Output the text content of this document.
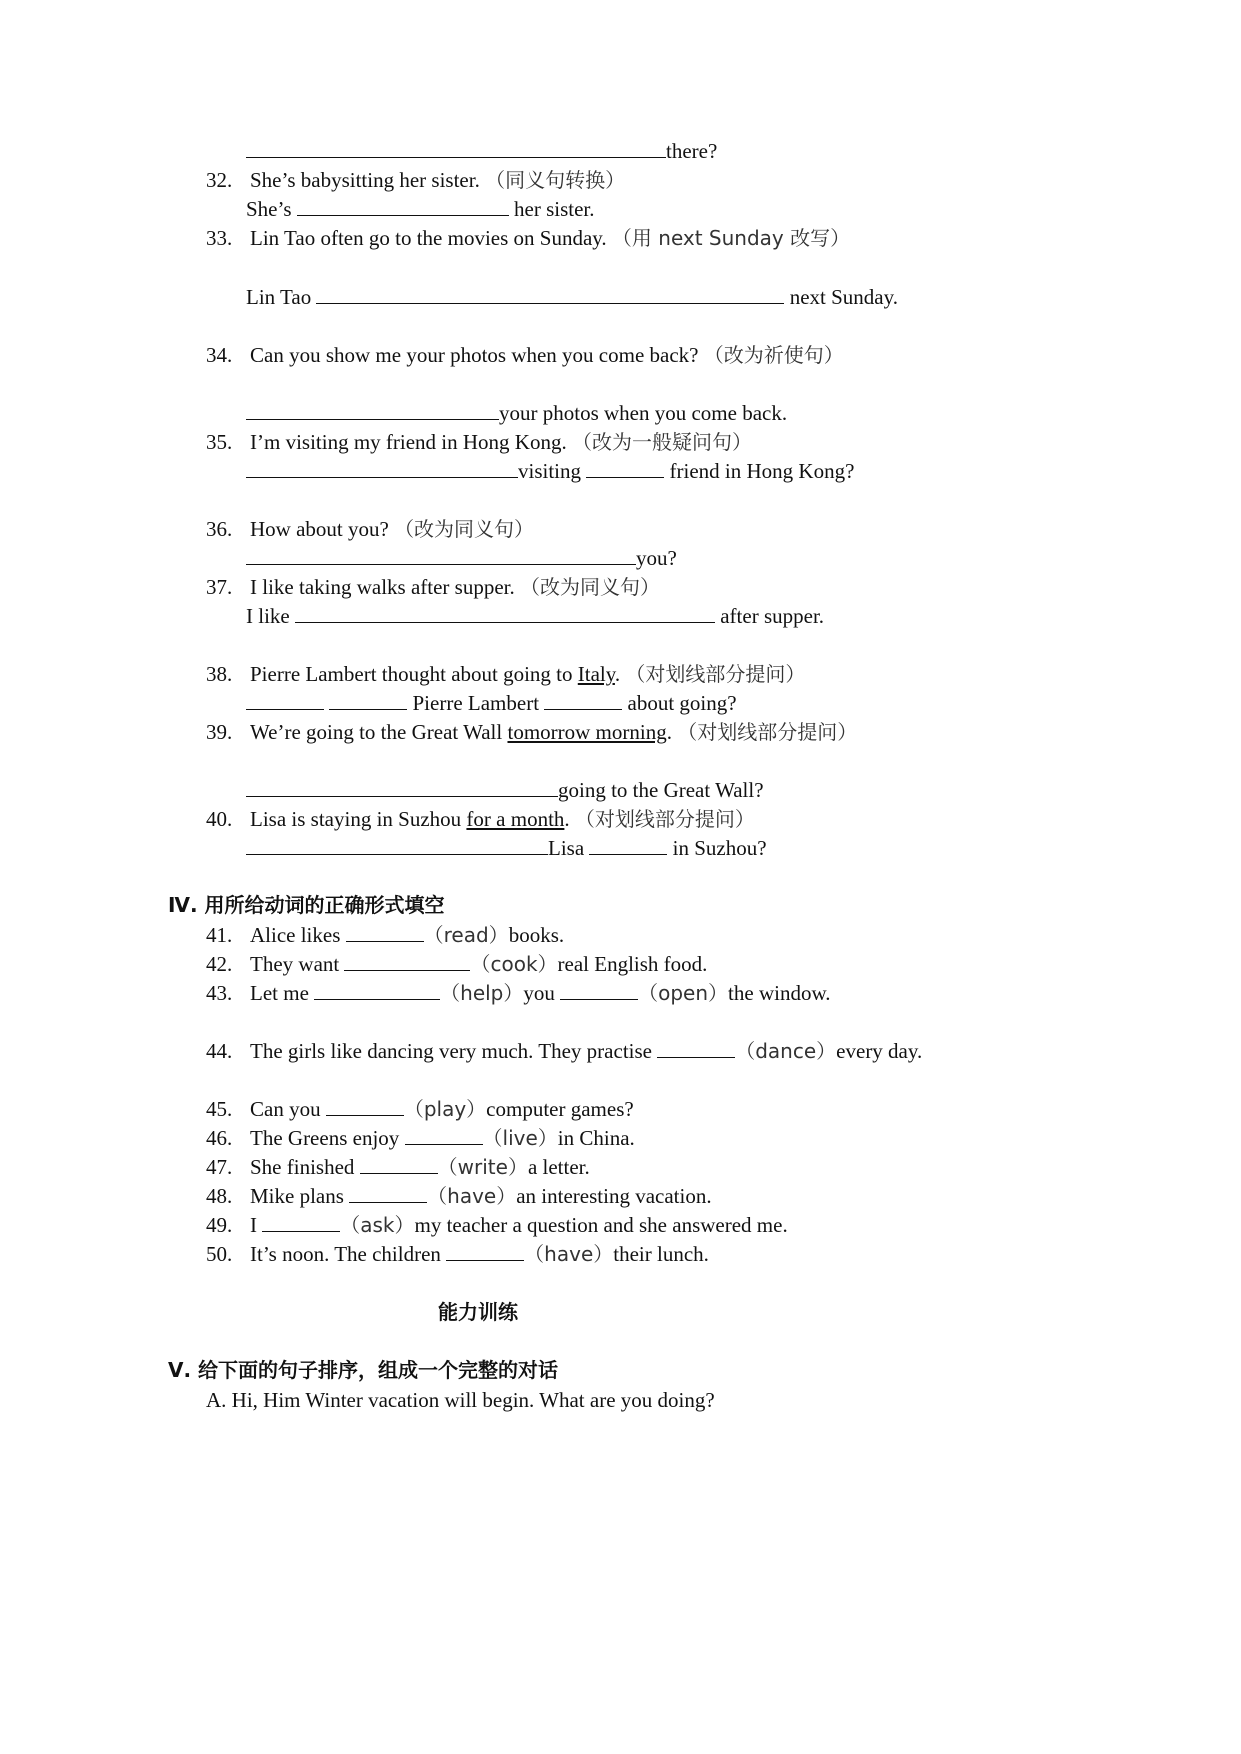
there?
32. She’s babysitting her sister. （同义句转换）
She’s	her sister.
33. Lin Tao often go to the movies on Sunday. （用 next Sunday 改写）
Lin Tao	next Sunday.
34. Can you show me your photos when you come back? （改为祈使句）
your photos when you come back.
35. I’m visiting my friend in Hong Kong. （改为一般疑问句）
visiting	friend in Hong Kong?
36. How about you? （改为同义句）
you?
37. I like taking walks after supper. （改为同义句）
I like	after supper.
38. Pierre Lambert thought about going to Italy. （对划线部分提问）
Pierre Lambert	about going?
39. We’re going to the Great Wall tomorrow morning. （对划线部分提问）
going to the Great Wall?
40. Lisa is staying in Suzhou for a month. （对划线部分提问）
Lisa	in Suzhou?
Ⅳ. 用所给动词的正确形式填空
41. Alice likes	（read）books.
42. They want	（cook）real English food.
43. Let me	（help）you	（open）the window.
44. The girls like dancing very much. They practise	（dance）every day.
45. Can you	（play）computer games?
46. The Greens enjoy	（live）in China.
47. She finished	（write）a letter.
48. Mike plans	（have）an interesting vacation.
49. I	（ask）my teacher a question and she answered me.
50. It’s noon. The children	（have）their lunch.
能力训练
Ⅴ. 给下面的句子排序，组成一个完整的对话
A. Hi, Him Winter vacation will begin. What are you doing?
